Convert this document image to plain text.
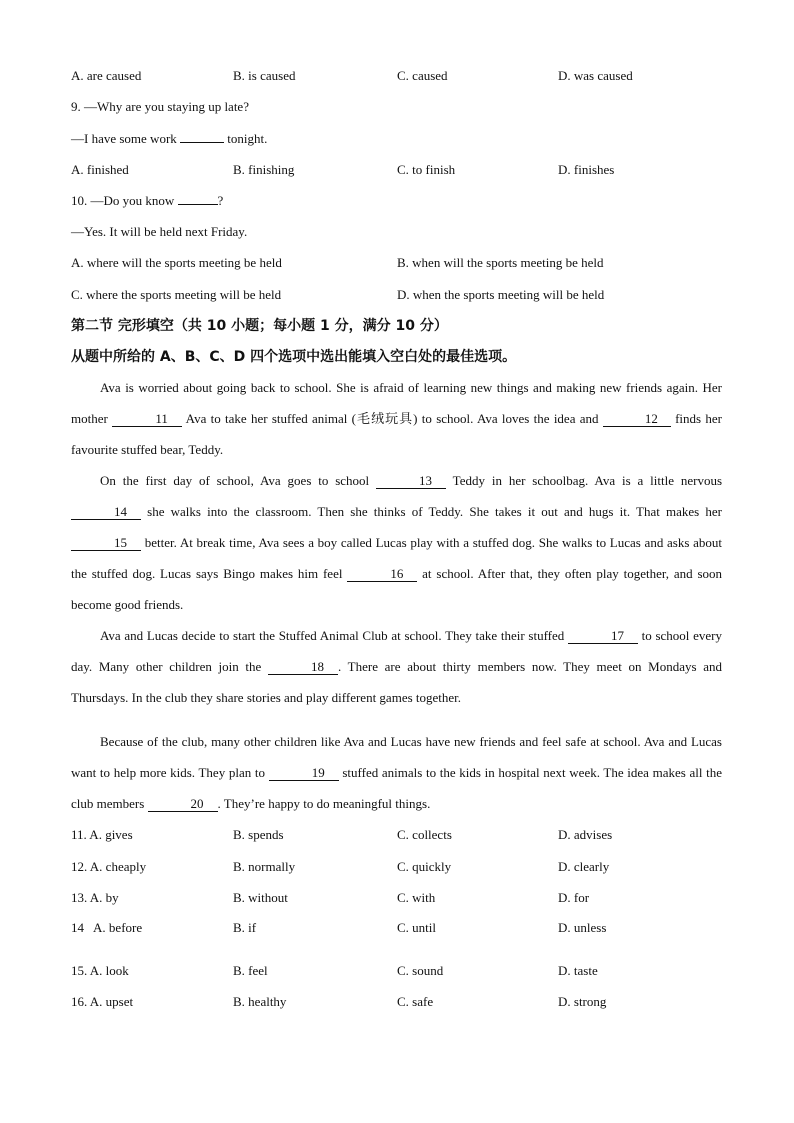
A. are caused	B. is caused	C. caused	D. was caused
9. —Why are you staying up late?
—I have some work	tonight.
A. finished	B. finishing	C. to finish	D. finishes
10. —Do you know	?
—Yes. It will be held next Friday.
A. where will the sports meeting be held	B. when will the sports meeting be held
C. where the sports meeting will be held	D. when the sports meeting will be held
第二节 完形填空（共 10 小题；每小题 1 分，满分 10 分）
从题中所给的 A、B、C、D 四个选项中选出能填入空白处的最佳选项。

Ava is worried about going back to school. She is afraid of learning new things and making new friends again. Her mother	11 Ava to take her stuffed animal (毛绒玩具) to school. Ava loves the idea and	12 finds her favourite stuffed bear, Teddy.

On the first day of school, Ava goes to school	13 Teddy in her schoolbag. Ava is a little nervous 14 she walks into the classroom. Then she thinks of Teddy. She takes it out and hugs it. That makes her 15 better. At break time, Ava sees a boy called Lucas play with a stuffed dog. She walks to Lucas and asks about the stuffed dog. Lucas says Bingo makes him feel	16 at school. After that, they often play together, and soon become good friends.

Ava and Lucas decide to start the Stuffed Animal Club at school. They take their stuffed	17 to school every day. Many other children join the	18 . There are about thirty members now. They meet on Mondays and Thursdays. In the club they share stories and play different games together.

Because of the club, many other children like Ava and Lucas have new friends and feel safe at school. Ava and Lucas want to help more kids. They plan to	19 stuffed animals to the kids in hospital next week. The idea makes all the club members	20 . They’re happy to do meaningful things.

11. A. gives	B. spends	C. collects	D. advises
12. A. cheaply	B. normally	C. quickly	D. clearly
13. A. by	B. without	C. with	D. for
14   A. before	B. if	C. until	D. unless
15. A. look	B. feel	C. sound	D. taste
16. A. upset	B. healthy	C. safe	D. strong
